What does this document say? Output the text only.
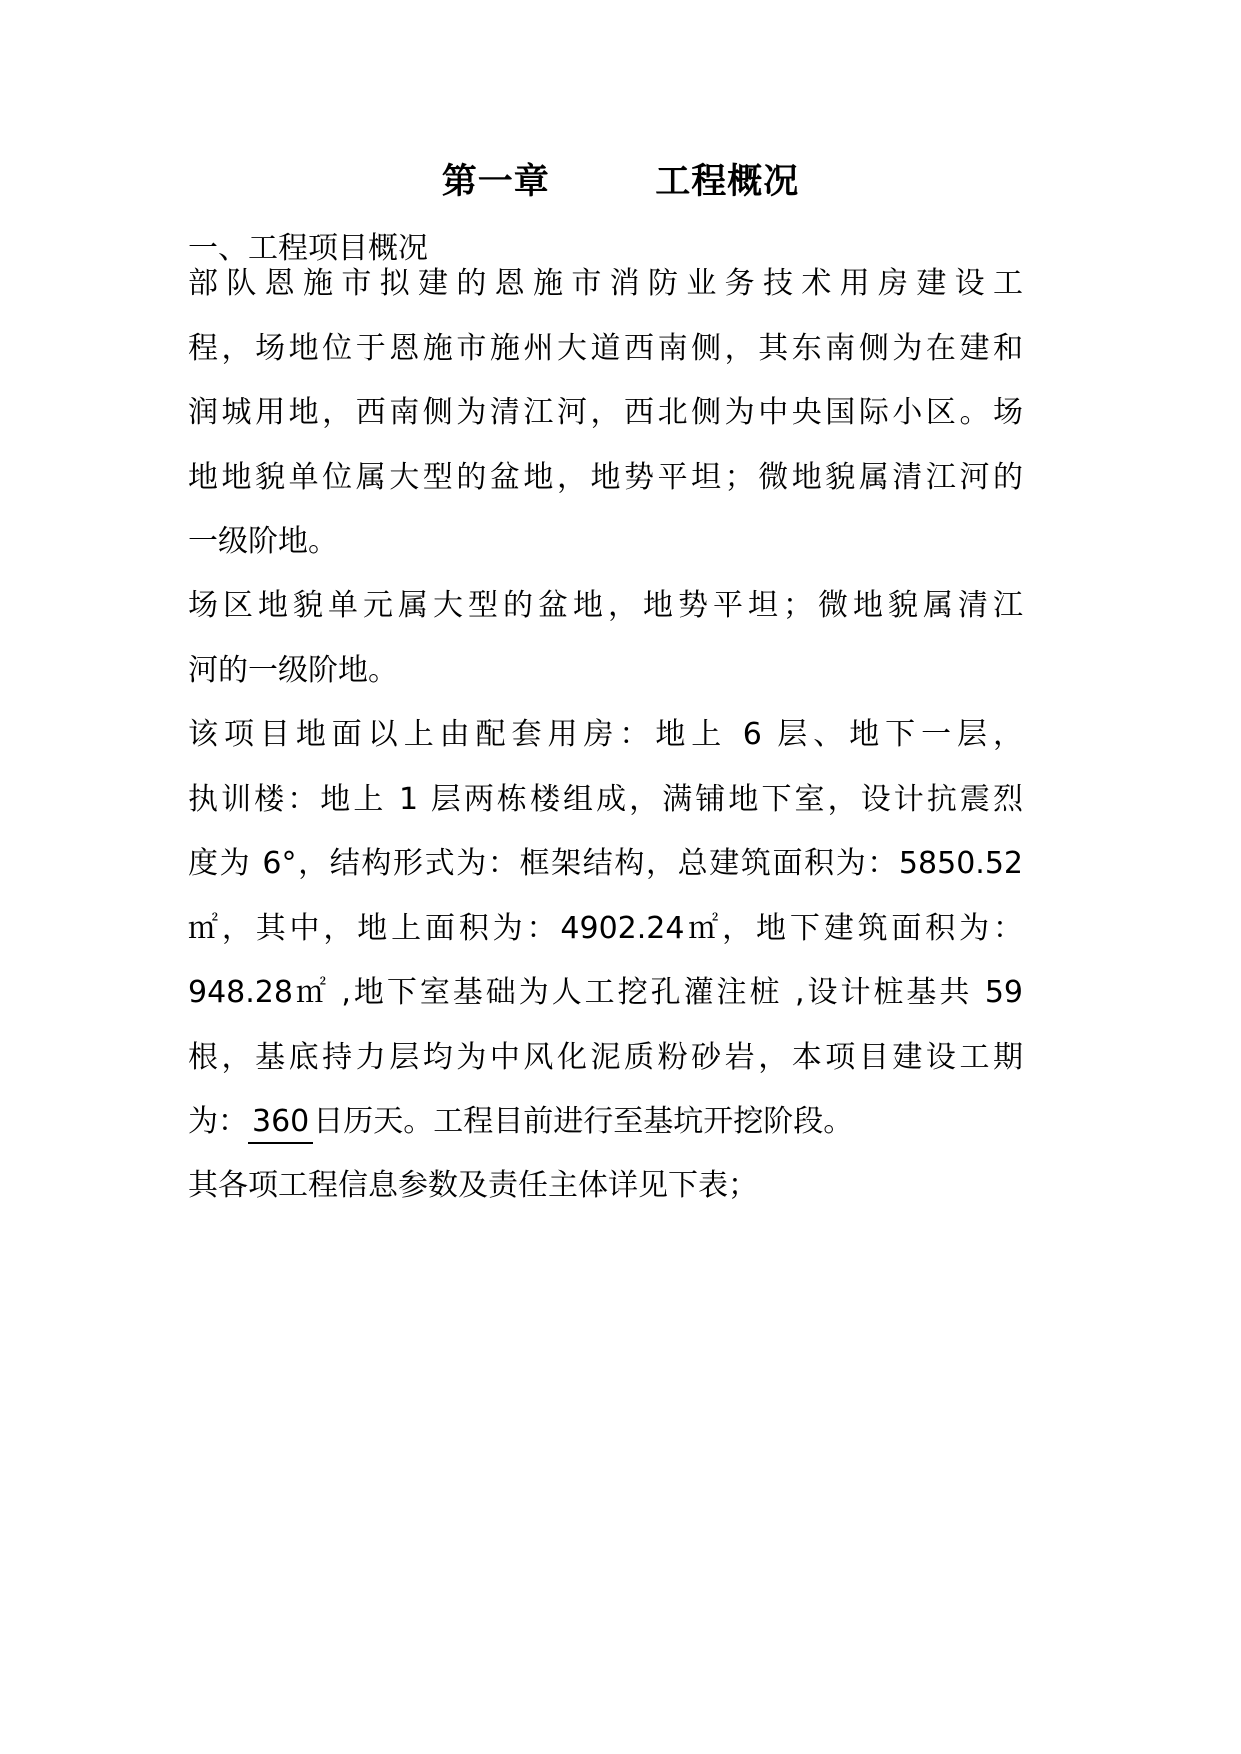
第一章        工程概况
一、工程项目概况
部队恩施市拟建的恩施市消防业务技术用房建设工
程，场地位于恩施市施州大道西南侧，其东南侧为在建和
润城用地，西南侧为清江河，西北侧为中央国际小区。场
地地貌单位属大型的盆地，地势平坦；微地貌属清江河的
一级阶地。
场区地貌单元属大型的盆地，地势平坦；微地貌属清江
河的一级阶地。
该项目地面以上由配套用房：地上 6 层、地下一层，
执训楼：地上 1 层两栋楼组成，满铺地下室，设计抗震烈
度为 6°，结构形式为：框架结构，总建筑面积为：5850.52
㎡，其中，地上面积为：4902.24㎡，地下建筑面积为：
948.28㎡ ,地下室基础为人工挖孔灌注桩 ,设计桩基共 59
根，基底持力层均为中风化泥质粉砂岩，本项目建设工期
为： 360 日历天。工程目前进行至基坑开挖阶段。
其各项工程信息参数及责任主体详见下表；
